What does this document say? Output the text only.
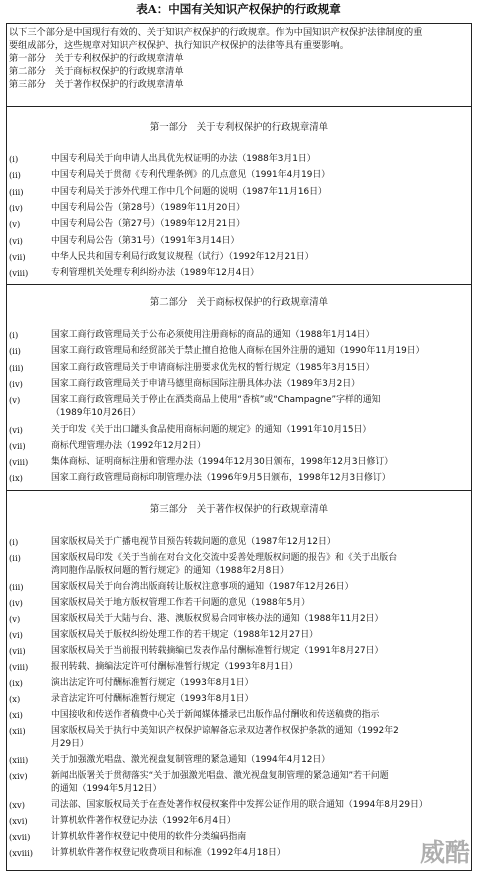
表A：中国有关知识产权保护的行政规章
以下三个部分是中国现行有效的、关于知识产权保护的行政规章。作为中国知识产权保护法律制度的重
要组成部分，这些规章对知识产权保护、执行知识产权保护的法律等具有重要影响。
第一部分　关于专利权保护的行政规章清单
第二部分　关于商标权保护的行政规章清单
第三部分　关于著作权保护的行政规章清单
第一部分　关于专利权保护的行政规章清单
(i)	中国专利局关于向申请人出具优先权证明的办法（1988年3月1日）
(ii)	中国专利局关于贯彻《专利代理条例》的几点意见（1991年4月19日）
(iii)	中国专利局关于涉外代理工作中几个问题的说明（1987年11月16日）
(iv)	中国专利局公告（第28号）（1989年11月20日）
(v)	中国专利局公告（第27号）（1989年12月21日）
(vi)	中国专利局公告（第31号）（1991年3月14日）
(vii)	中华人民共和国专利局行政复议规程（试行）（1992年12月21日）
(viii)	专利管理机关处理专利纠纷办法（1989年12月4日）
第二部分　关于商标权保护的行政规章清单
(i)	国家工商行政管理局关于公布必须使用注册商标的商品的通知（1988年1月14日）
(ii)	国家工商行政管理局和经贸部关于禁止擅自抢他人商标在国外注册的通知（1990年11月19日）
(iii)	国家工商行政管理局关于申请商标注册要求优先权的暂行规定（1985年3月15日）
(iv)	国家工商行政管理局关于申请马德里商标国际注册具体办法（1989年3月2日）
(v)	国家工商行政管理局关于停止在酒类商品上使用“香槟”或“Champagne”字样的通知
（1989年10月26日）
(vi)	关于印发《关于出口罐头食品使用商标问题的规定》的通知（1991年10月15日）
(vii)	商标代理管理办法（1992年12月2日）
(viii)	集体商标、证明商标注册和管理办法（1994年12月30日颁布，1998年12月3日修订）
(ix)	国家工商行政管理局商标印制管理办法（1996年9月5日颁布，1998年12月3日修订）
第三部分　关于著作权保护的行政规章清单
(i)	国家版权局关于广播电视节目预告转载问题的意见（1987年12月12日）
(ii)	国家版权局印发《关于当前在对台文化交流中妥善处理版权问题的报告》和《关于出版台
湾同胞作品版权问题的暂行规定》的通知（1988年2月8日）
(iii)	国家版权局关于向台湾出版商转让版权注意事项的通知（1987年12月26日）
(iv)	国家版权局关于地方版权管理工作若干问题的意见（1988年5月）
(v)	国家版权局关于大陆与台、港、澳版权贸易合同审核办法的通知（1988年11月2日）
(vi)	国家版权局关于版权纠纷处理工作的若干规定（1988年12月27日）
(vii)	国家版权局关于当前报刊转载摘编已发表作品付酬标准暂行规定（1991年8月27日）
(viii)	报刊转载、摘编法定许可付酬标准暂行规定（1993年8月1日）
(ix)	演出法定许可付酬标准暂行规定（1993年8月1日）
(x)	录音法定许可付酬标准暂行规定（1993年8月1日）
(xi)	中国接收和传送作者稿费中心关于新闻媒体播录已出版作品付酬收和传送稿费的指示
(xii)	国家版权局关于执行中美知识产权保护谅解备忘录双边著作权保护条款的通知（1992年2
月29日）
(xiii)	关于加强激光唱盘、激光视盘复制管理的紧急通知（1994年4月12日）
(xiv)	新闻出版署关于贯彻落实“关于加强激光唱盘、激光视盘复制管理的紧急通知”若干问题
的通知（1994年5月12日）
(xv)	司法部、国家版权局关于在查处著作权侵权案件中发挥公证作用的联合通知（1994年8月29日）
(xvi)	计算机软件著作权登记办法（1992年6月4日）
(xvii)	计算机软件著作权登记中使用的软件分类编码指南
(xviii)	计算机软件著作权登记收费项目和标准（1992年4月18日）	威酷
